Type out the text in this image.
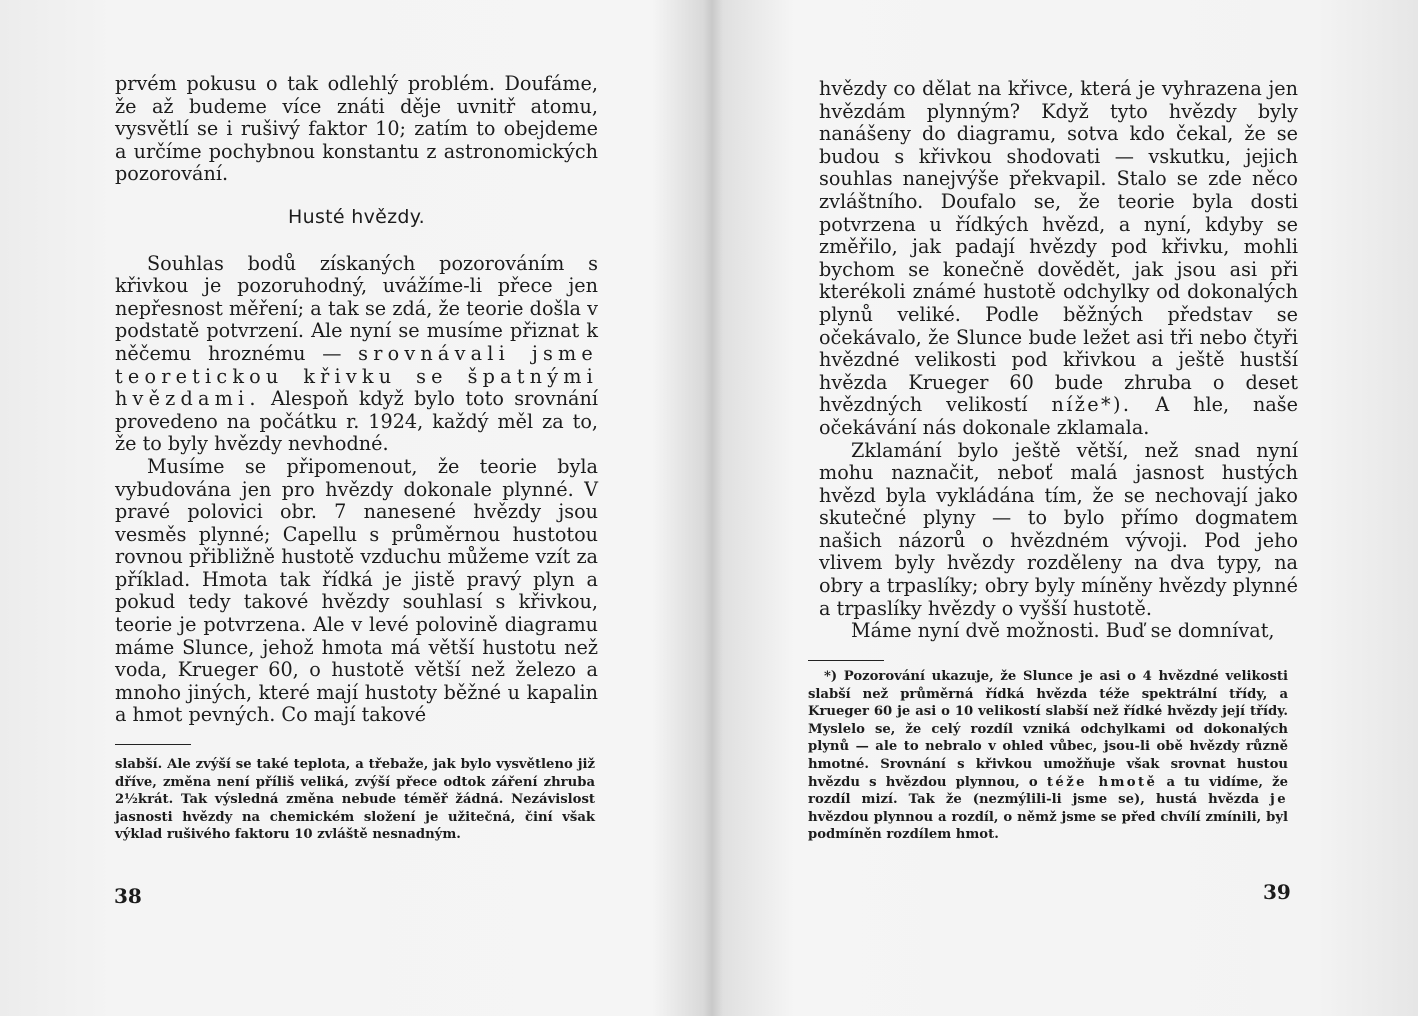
prvém pokusu o tak odlehlý problém. Doufáme, že až budeme více znáti děje uvnitř atomu, vysvětlí se i rušivý faktor 10; zatím to obejdeme a určíme pochybnou konstantu z astronomických pozorování.

Husté hvězdy.

Souhlas bodů získaných pozorováním s křivkou je pozoruhodný, uvážíme-li přece jen nepřesnost měření; a tak se zdá, že teorie došla v podstatě potvrzení. Ale nyní se musíme přiznat k něčemu hroznému — srovnávali jsme teoretickou křivku se špatnými hvězdami. Alespoň když bylo toto srovnání provedeno na počátku r. 1924, každý měl za to, že to byly hvězdy nevhodné.

Musíme se připomenout, že teorie byla vybudována jen pro hvězdy dokonale plynné. V pravé polovici obr. 7 nanesené hvězdy jsou vesměs plynné; Capellu s průměrnou hustotou rovnou přibližně hustotě vzduchu můžeme vzít za příklad. Hmota tak řídká je jistě pravý plyn a pokud tedy takové hvězdy souhlasí s křivkou, teorie je potvrzena. Ale v levé polovině diagramu máme Slunce, jehož hmota má větší hustotu než voda, Krueger 60, o hustotě větší než železo a mnoho jiných, které mají hustoty běžné u kapalin a hmot pevných. Co mají takové

slabší. Ale zvýší se také teplota, a třebaže, jak bylo vysvětleno již dříve, změna není příliš veliká, zvýší přece odtok záření zhruba 2½krát. Tak výsledná změna nebude téměř žádná. Nezávislost jasnosti hvězdy na chemickém složení je užitečná, činí však výklad rušivého faktoru 10 zvláště nesnadným.

38

hvězdy co dělat na křivce, která je vyhrazena jen hvězdám plynným? Když tyto hvězdy byly nanášeny do diagramu, sotva kdo čekal, že se budou s křivkou shodovati — vskutku, jejich souhlas nanejvýše překvapil. Stalo se zde něco zvláštního. Doufalo se, že teorie byla dosti potvrzena u řídkých hvězd, a nyní, kdyby se změřilo, jak padají hvězdy pod křivku, mohli bychom se konečně dovědět, jak jsou asi při kterékoli známé hustotě odchylky od dokonalých plynů veliké. Podle běžných představ se očekávalo, že Slunce bude ležet asi tři nebo čtyři hvězdné velikosti pod křivkou a ještě hustší hvězda Krueger 60 bude zhruba o deset hvězdných velikostí níže*). A hle, naše očekávání nás dokonale zklamala.

Zklamání bylo ještě větší, než snad nyní mohu naznačit, neboť malá jasnost hustých hvězd byla vykládána tím, že se nechovají jako skutečné plyny — to bylo přímo dogmatem našich názorů o hvězdném vývoji. Pod jeho vlivem byly hvězdy rozděleny na dva typy, na obry a trpaslíky; obry byly míněny hvězdy plynné a trpaslíky hvězdy o vyšší hustotě.

Máme nyní dvě možnosti. Buď se domnívat,

*) Pozorování ukazuje, že Slunce je asi o 4 hvězdné velikosti slabší než průměrná řídká hvězda téže spektrální třídy, a Krueger 60 je asi o 10 velikostí slabší než řídké hvězdy její třídy. Myslelo se, že celý rozdíl vzniká odchylkami od dokonalých plynů — ale to nebralo v ohled vůbec, jsou-li obě hvězdy různě hmotné. Srovnání s křivkou umožňuje však srovnat hustou hvězdu s hvězdou plynnou, o téže hmotě a tu vidíme, že rozdíl mizí. Tak že (nezmýlili-li jsme se), hustá hvězda je hvězdou plynnou a rozdíl, o němž jsme se před chvílí zmínili, byl podmíněn rozdílem hmot.

39
